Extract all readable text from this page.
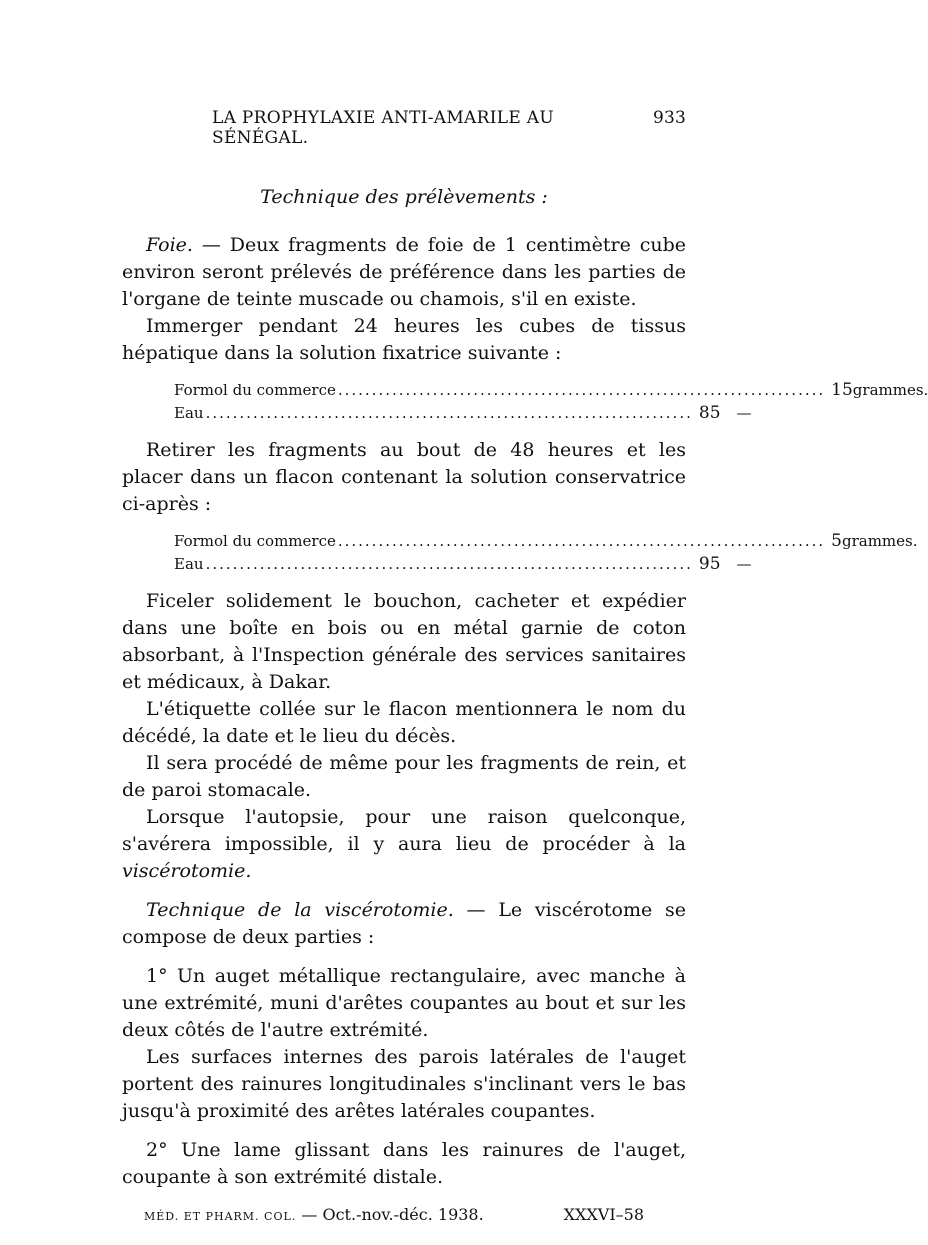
LA PROPHYLAXIE ANTI-AMARILE AU SÉNÉGAL.
933
Technique des prélèvements :

Foie. — Deux fragments de foie de 1 centimètre cube environ seront prélevés de préférence dans les parties de l'organe de teinte muscade ou chamois, s'il en existe.

Immerger pendant 24 heures les cubes de tissus hépatique dans la solution fixatrice suivante :

Formol du commerce ........................................................................ 15 grammes.
Eau ........................................................................ 85	—

Retirer les fragments au bout de 48 heures et les placer dans un flacon contenant la solution conservatrice ci-après :

Formol du commerce ........................................................................ 5 grammes.
Eau ........................................................................ 95	—

Ficeler solidement le bouchon, cacheter et expédier dans une boîte en bois ou en métal garnie de coton absorbant, à l'Inspection générale des services sanitaires et médicaux, à Dakar.

L'étiquette collée sur le flacon mentionnera le nom du décédé, la date et le lieu du décès.

Il sera procédé de même pour les fragments de rein, et de paroi stomacale.

Lorsque l'autopsie, pour une raison quelconque, s'avérera impossible, il y aura lieu de procéder à la viscérotomie.

Technique de la viscérotomie. — Le viscérotome se compose de deux parties :

1° Un auget métallique rectangulaire, avec manche à une extrémité, muni d'arêtes coupantes au bout et sur les deux côtés de l'autre extrémité.

Les surfaces internes des parois latérales de l'auget portent des rainures longitudinales s'inclinant vers le bas jusqu'à proximité des arêtes latérales coupantes.

2° Une lame glissant dans les rainures de l'auget, coupante à son extrémité distale.

MÉD. ET PHARM. COL. — Oct.-nov.-déc. 1938.	XXXVI–58
